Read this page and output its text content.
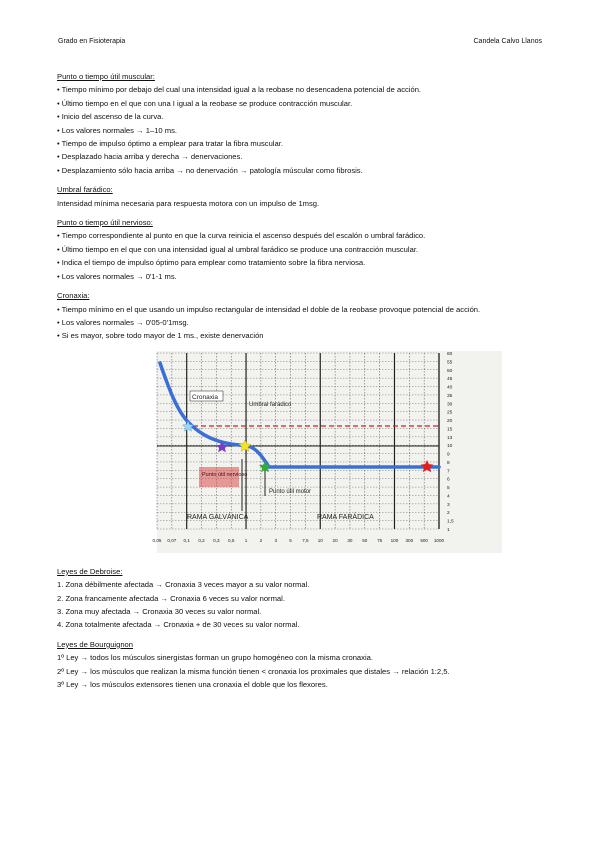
Grado en Fisioterapia	Candela Calvo Llanos
Punto o tiempo útil muscular:
• Tiempo mínimo por debajo del cual una intensidad igual a la reobase no desencadena potencial de acción.
• Último tiempo en el que con una I igual a la reobase se produce contracción muscular.
• Inicio del ascenso de la curva.
• Los valores normales → 1–10 ms.
• Tiempo de impulso óptimo a emplear para tratar la fibra muscular.
• Desplazado hacia arriba y derecha → denervaciones.
• Desplazamiento sólo hacia arriba → no denervación → patología múscular como fibrosis.
Umbral farádico:
Intensidad mínima necesaria para respuesta motora con un impulso de 1msg.
Punto o tiempo útil nervioso:
• Tiempo correspondiente al punto en que la curva reinicia el ascenso después del escalón o umbral farádico.
• Último tiempo en el que con una intensidad igual al umbral farádico se produce una contracción muscular.
• Indica el tiempo de impulso óptimo para emplear como tratamiento sobre la fibra nerviosa.
• Los valores normales → 0'1-1 ms.
Cronaxia:
• Tiempo mínimo en el que usando un impulso rectangular de intensidad el doble de la reobase provoque potencial de acción.
• Los valores normales → 0'05-0'1msg.
• Si es mayor, sobre todo mayor de 1 ms., existe denervación
0,05 0,07 0,1 0,2 0,3 0,5 1	2	3	5 7,5 10 20 30 50 75 100 300 500 1000
60
55
50
45
40
35
30
25
20
15
13
10
9
8
7
6
5
4
3
2
1,5
1
Cronaxia
Umbral farádico
Punto útil nervioso
Punto útil motor
RAMA GALVÁNICA	RAMA FARÁDICA
Leyes de Debroise:
1. Zona débilmente afectada → Cronaxia 3 veces mayor a su valor normal.
2. Zona francamente afectada → Cronaxia 6 veces su valor normal.
3. Zona muy afectada → Cronaxia 30 veces su valor normal.
4. Zona totalmente afectada → Cronaxia + de 30 veces su valor normal.
Leyes de Bourguignon
1º Ley → todos los músculos sinergistas forman un grupo homogéneo con la misma cronaxia.
2º Ley → los músculos que realizan la misma función tienen < cronaxia los proximales que distales → relación 1:2,5.
3º Ley → los músculos extensores tienen una cronaxia el doble que los flexores.
